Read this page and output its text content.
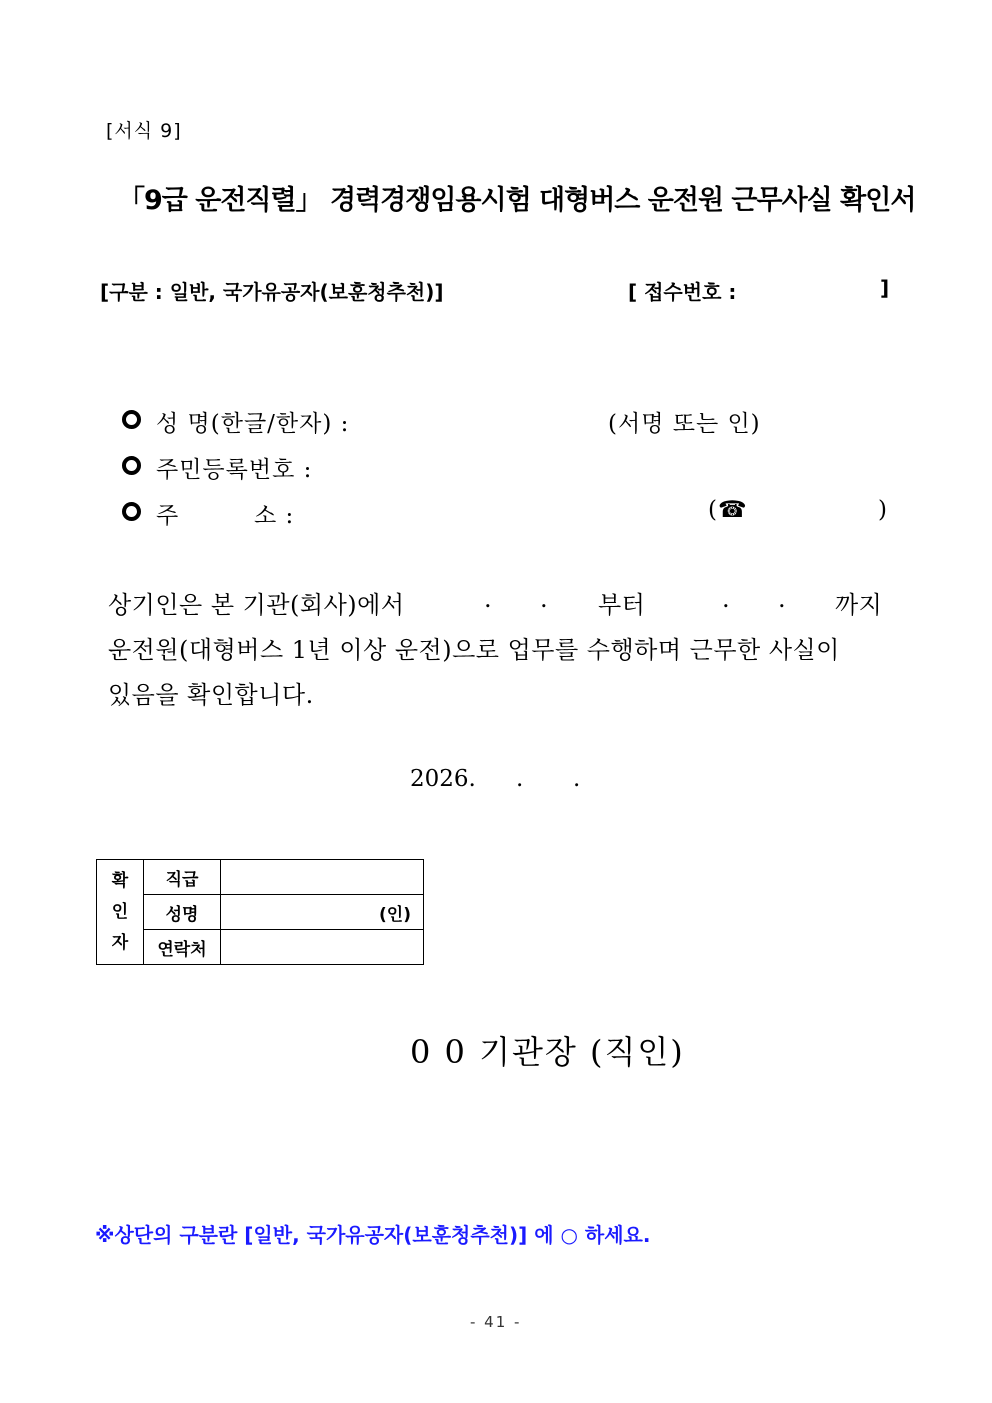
[서식 9]
「9급 운전직렬」 경력경쟁임용시험 대형버스 운전원 근무사실 확인서
[구분 : 일반, 국가유공자(보훈청추천)]	[ 접수번호 :	]
성 명(한글/한자) :	(서명 또는 인)
주민등록번호 :
주         소 :	(☎	)
상기인은 본 기관(회사)에서	. . 부터	. . 까지
운전원(대형버스 1년 이상 운전)으로 업무를 수행하며 근무한 사실이
있음을 확인합니다.
2026. . .
확
인
자	직급	
	성명	(인)
	연락처	
0 0 기관장 (직인)
※상단의 구분란 [일반, 국가유공자(보훈청추천)] 에 ○ 하세요.
- 41 -
